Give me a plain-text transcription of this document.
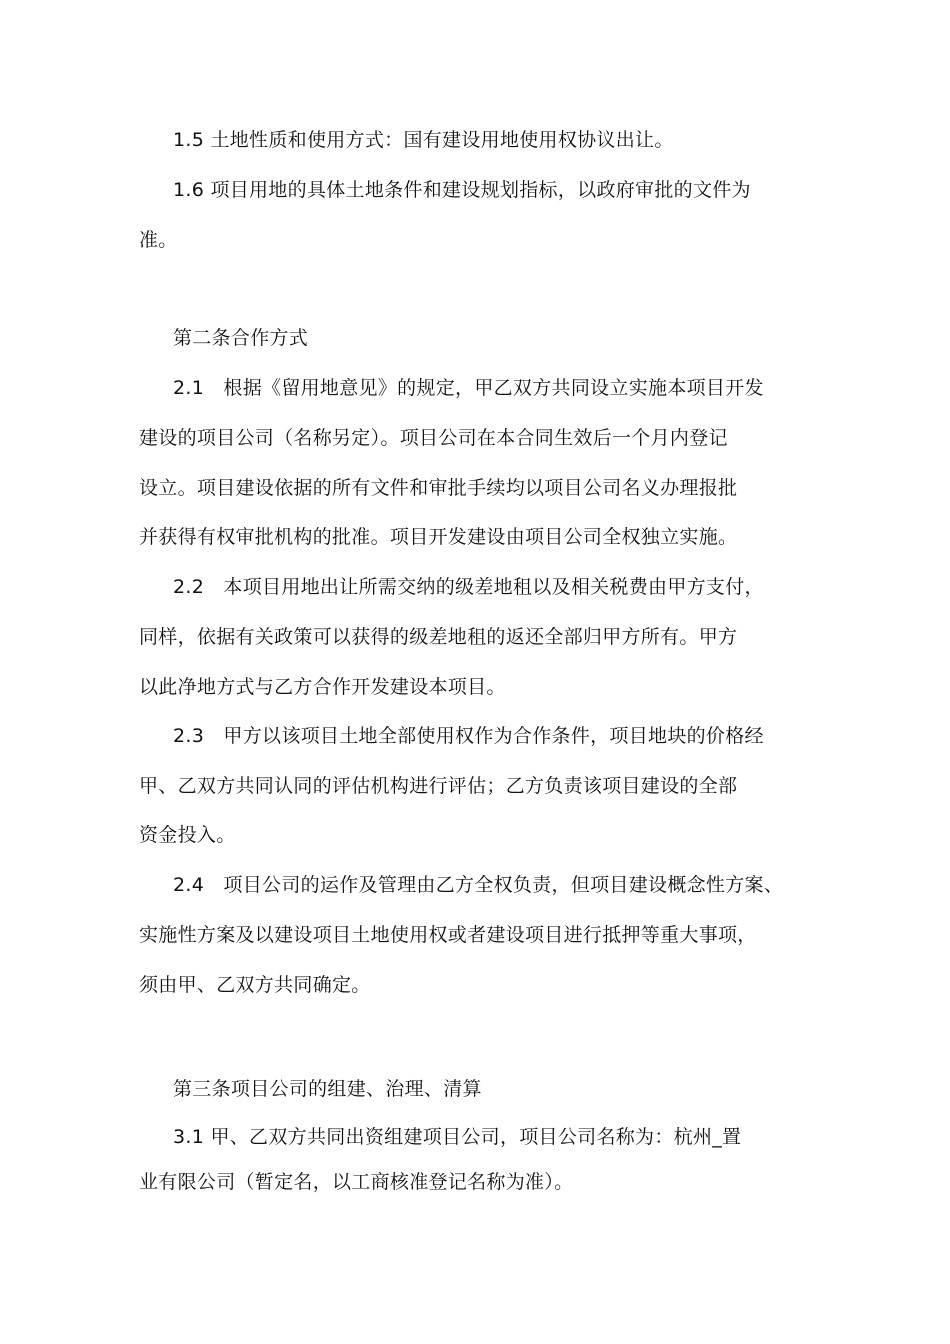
1.5 土地性质和使用方式：国有建设用地使用权协议出让。
1.6 项目用地的具体土地条件和建设规划指标，以政府审批的文件为
准。
第二条合作方式
2.1　根据《留用地意见》的规定，甲乙双方共同设立实施本项目开发
建设的项目公司（名称另定）。项目公司在本合同生效后一个月内登记
设立。项目建设依据的所有文件和审批手续均以项目公司名义办理报批
并获得有权审批机构的批准。项目开发建设由项目公司全权独立实施。
2.2　本项目用地出让所需交纳的级差地租以及相关税费由甲方支付，
同样，依据有关政策可以获得的级差地租的返还全部归甲方所有。甲方
以此净地方式与乙方合作开发建设本项目。
2.3　甲方以该项目土地全部使用权作为合作条件，项目地块的价格经
甲、乙双方共同认同的评估机构进行评估；乙方负责该项目建设的全部
资金投入。
2.4　项目公司的运作及管理由乙方全权负责，但项目建设概念性方案、
实施性方案及以建设项目土地使用权或者建设项目进行抵押等重大事项，
须由甲、乙双方共同确定。
第三条项目公司的组建、治理、清算
3.1 甲、乙双方共同出资组建项目公司，项目公司名称为：杭州_置
业有限公司（暂定名，以工商核准登记名称为准）。
